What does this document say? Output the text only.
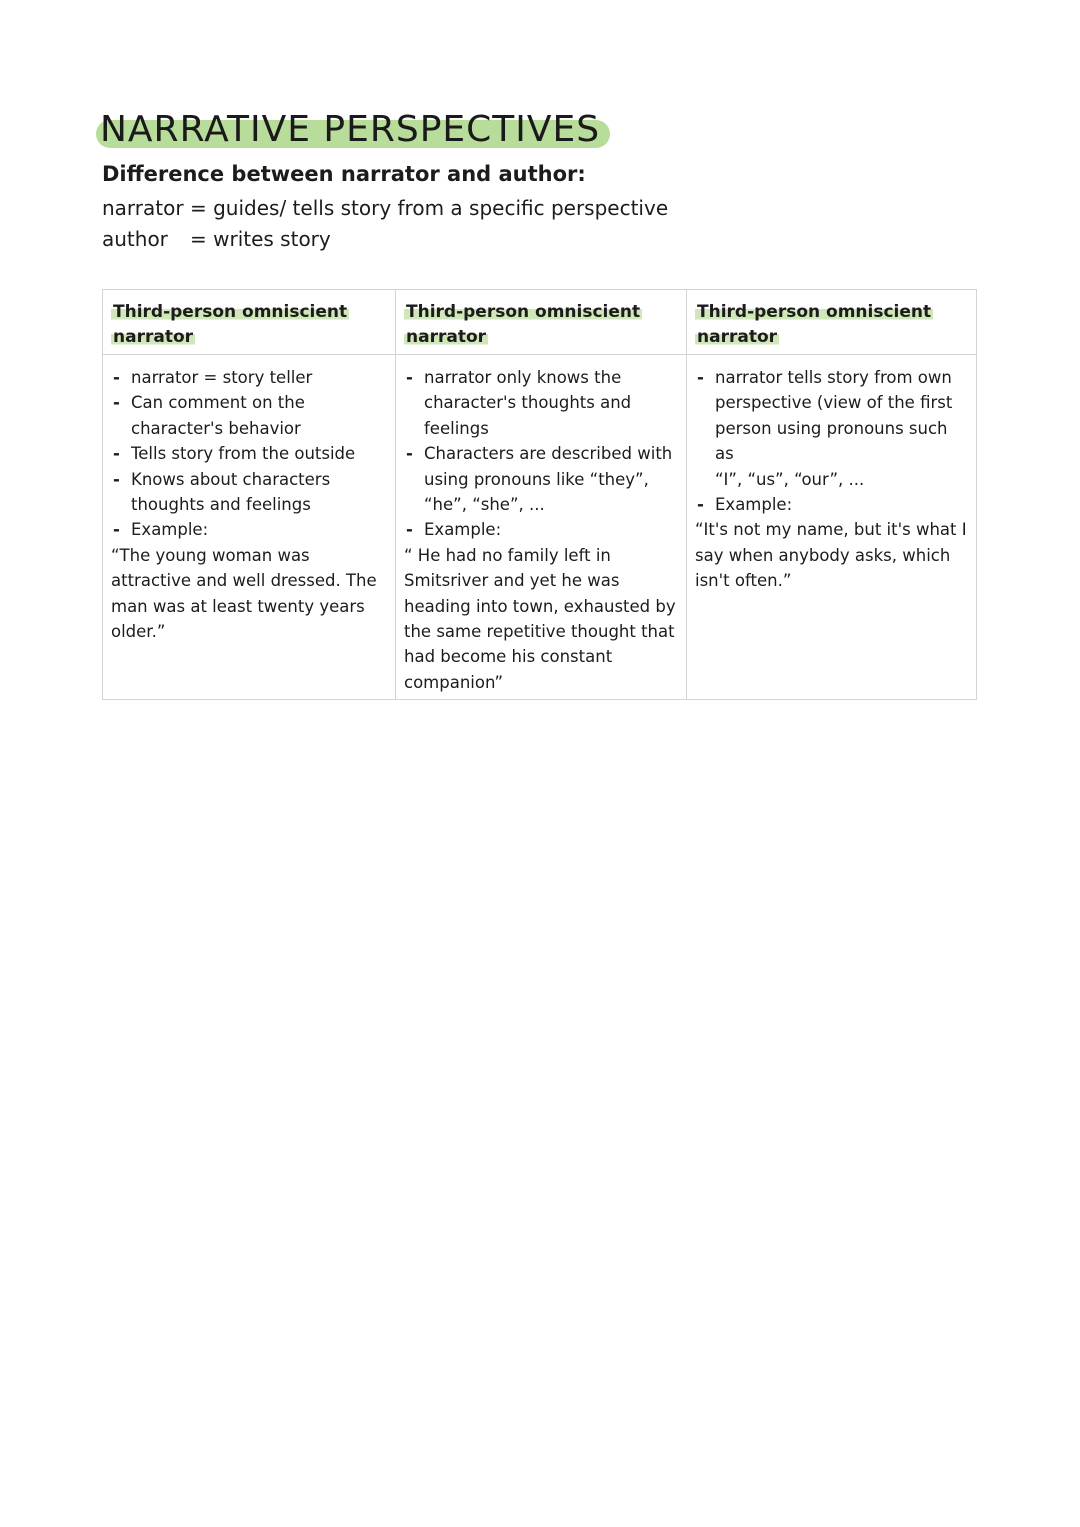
NARRATIVE PERSPECTIVES
Difference between narrator and author:
narrator = guides/ tells story from a specific perspective
author = writes story
Third-person omniscient
narrator
- narrator = story teller
- Can comment on the
character's behavior
- Tells story from the outside
- Knows about characters
thoughts and feelings
- Example:
“The young woman was
attractive and well dressed. The
man was at least twenty years
older.”
Third-person omniscient
narrator
- narrator only knows the
character's thoughts and
feelings
- Characters are described with
using pronouns like “they”,
“he”, “she”, ...
- Example:
“ He had no family left in
Smitsriver and yet he was
heading into town, exhausted by
the same repetitive thought that
had become his constant
companion”
Third-person omniscient
narrator
- narrator tells story from own
perspective (view of the first
person using pronouns such as
“I”, “us”, “our”, ...
- Example:
“It's not my name, but it's what I
say when anybody asks, which
isn't often.”
